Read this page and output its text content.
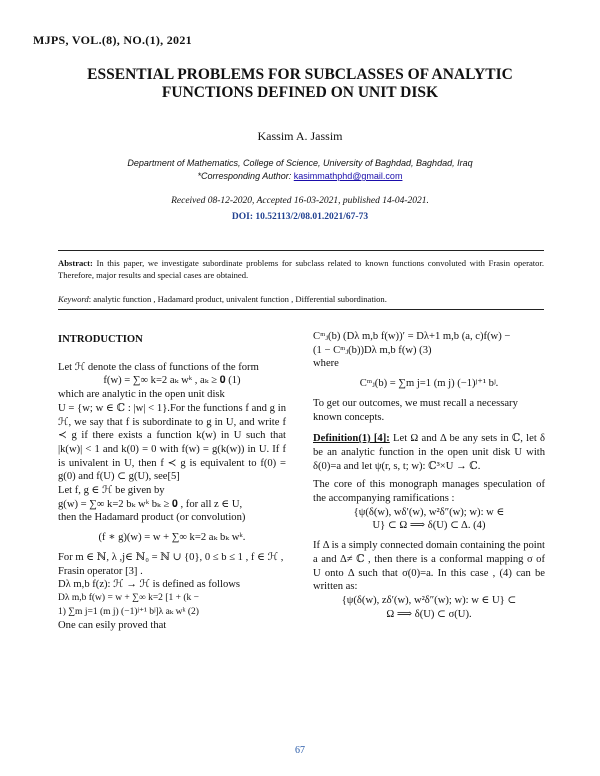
MJPS, VOL.(8), NO.(1), 2021
ESSENTIAL PROBLEMS FOR SUBCLASSES OF ANALYTIC
FUNCTIONS DEFINED ON UNIT DISK
Kassim A. Jassim
Department of Mathematics, College of Science, University of Baghdad, Baghdad, Iraq
*Corresponding Author: kasimmathphd@gmail.com
Received 08-12-2020, Accepted 16-03-2021, published 14-04-2021.
DOI: 10.52113/2/08.01.2021/67-73
Abstract: In this paper, we investigate subordinate problems for subclass related to known functions convoluted with Frasin operator. Therefore, major results and special cases are obtained.
Keyword: analytic function , Hadamard product, univalent function , Differential subordination.
INTRODUCTION
Let ℋ denote the class of functions of the form
f(w) = ∑∞ k=2 aₖ wᵏ , aₖ ≥ 𝟎 (1)
which are analytic in the open unit disk
U = {w; w ∈ ℂ : |w| < 1}.For the functions f and g in ℋ, we say that f is subordinate to g in U, and write f ≺ g if there exists a function k(w) in U such that |k(w)| < 1 and k(0) = 0 with f(w) = g(k(w)) in U. If f is univalent in U, then f ≺ g is equivalent to f(0) = g(0) and f(U) ⊂ g(U), see[5]
Let f, g ∈ ℋ be given by
g(w) = ∑∞ k=2 bₖ wᵏ bₖ ≥ 𝟎 , for all z ∈ U,
then the Hadamard product (or convolution)
(f ∗ g)(w) = w + ∑∞ k=2 aₖ bₖ wᵏ.
For m ∈ ℕ, λ ,j∈ ℕ₀ = ℕ ∪ {0}, 0 ≤ b ≤ 1 , f ∈ ℋ , Frasin operator [3] .
Dλ m,b f(z): ℋ → ℋ is defined as follows
Dλ m,b f(w) = w + ∑∞ k=2 [1 + (k −
1) ∑m j=1 (m j) (−1)ʲ⁺¹ bʲ]λ aₖ wᵏ (2)
One can esily proved that
Cᵐⱼ(b) (Dλ m,b f(w))′ = Dλ+1 m,b (a, c)f(w) −
(1 − Cᵐⱼ(b))Dλ m,b f(w) (3)
where
Cᵐⱼ(b) = ∑m j=1 (m j) (−1)ʲ⁺¹ bʲ.
To get our outcomes, we must recall a necessary known concepts.
Definition(1) [4]: Let Ω and Δ be any sets in ℂ, let δ be an analytic function in the open unit disk U with δ(0)=a and let ψ(r, s, t; w): ℂ³×U → ℂ.
The core of this monograph manages speculation of the accompanying ramifications :
{ψ(δ(w), wδ′(w), w²δ″(w); w): w ∈
U} ⊂ Ω ⟹ δ(U) ⊂ Δ. (4)
If Δ is a simply connected domain containing the point a and Δ≠ ℂ , then there is a conformal mapping σ of U onto Δ such that σ(0)=a. In this case , (4) can be written as:
{ψ(δ(w), zδ′(w), w²δ″(w); w): w ∈ U} ⊂
Ω ⟹ δ(U) ⊂ σ(U).
67
